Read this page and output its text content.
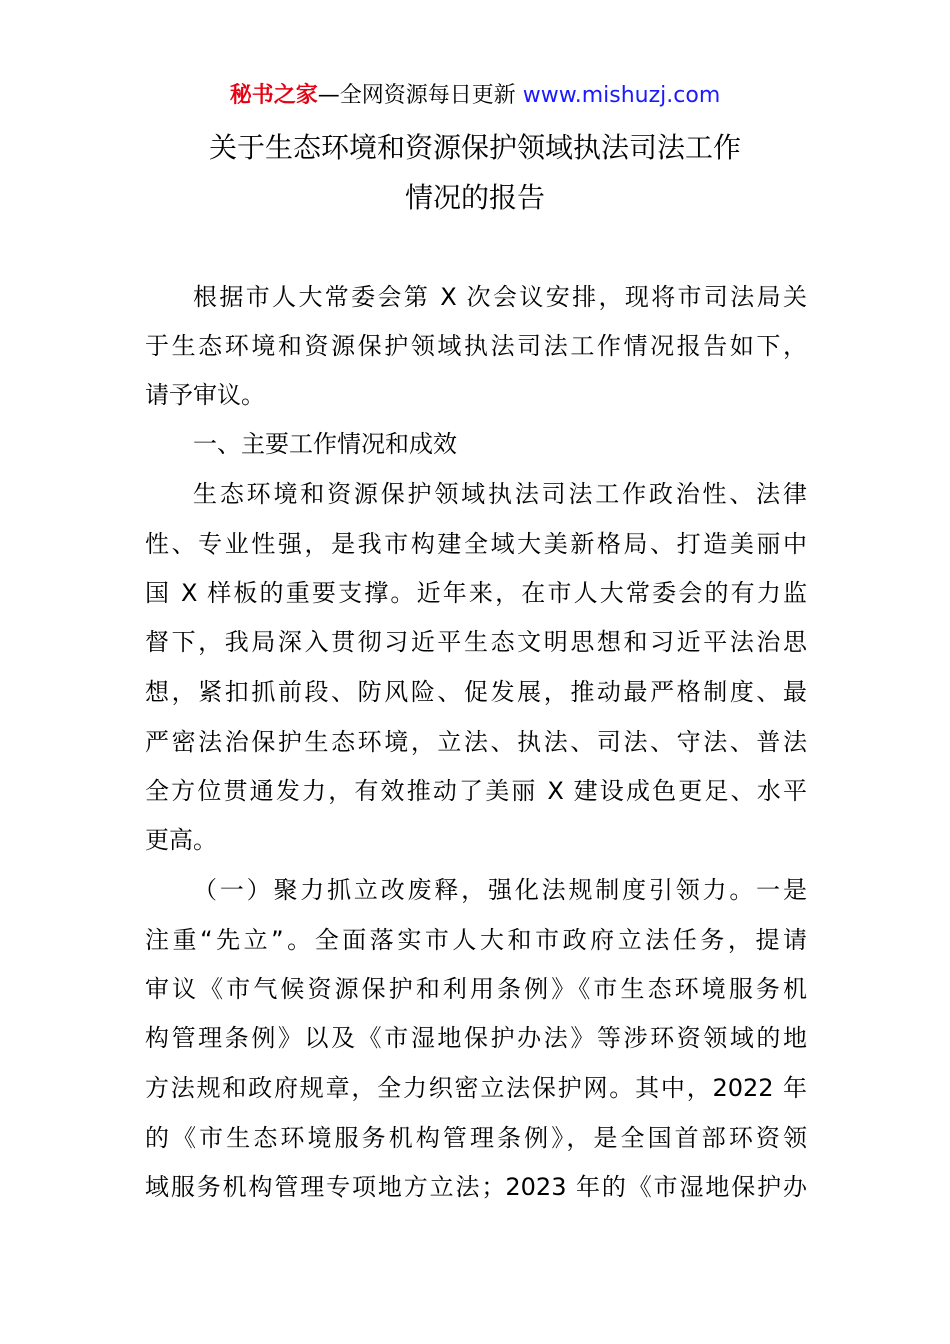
秘书之家—全网资源每日更新 www.mishuzj.com
关于生态环境和资源保护领域执法司法工作
情况的报告
根据市人大常委会第 X 次会议安排，现将市司法局关
于生态环境和资源保护领域执法司法工作情况报告如下，
请予审议。
一、主要工作情况和成效
生态环境和资源保护领域执法司法工作政治性、法律
性、专业性强，是我市构建全域大美新格局、打造美丽中
国 X 样板的重要支撑。近年来，在市人大常委会的有力监
督下，我局深入贯彻习近平生态文明思想和习近平法治思
想，紧扣抓前段、防风险、促发展，推动最严格制度、最
严密法治保护生态环境，立法、执法、司法、守法、普法
全方位贯通发力，有效推动了美丽 X 建设成色更足、水平
更高。
（一）聚力抓立改废释，强化法规制度引领力。一是
注重“先立”。全面落实市人大和市政府立法任务，提请
审议《市气候资源保护和利用条例》《市生态环境服务机
构管理条例》以及《市湿地保护办法》等涉环资领域的地
方法规和政府规章，全力织密立法保护网。其中，2022 年
的《市生态环境服务机构管理条例》，是全国首部环资领
域服务机构管理专项地方立法；2023 年的《市湿地保护办
